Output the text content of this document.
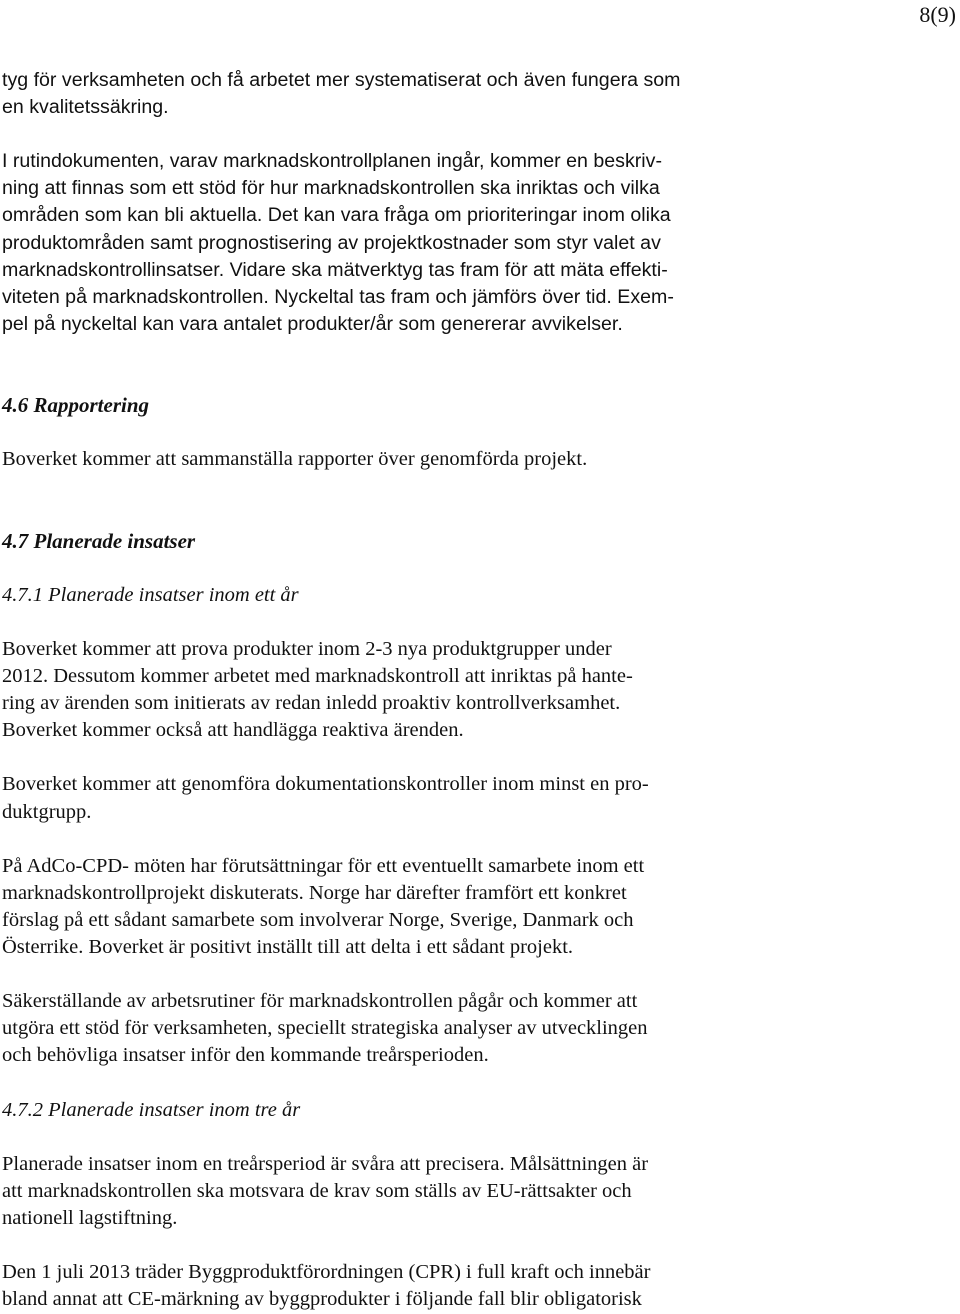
8(9)
tyg för verksamheten och få arbetet mer systematiserat och även fungera som
en kvalitetssäkring.
I rutindokumenten, varav marknadskontrollplanen ingår, kommer en beskriv-
ning att finnas som ett stöd för hur marknadskontrollen ska inriktas och vilka
områden som kan bli aktuella. Det kan vara fråga om prioriteringar inom olika
produktområden samt prognostisering av projektkostnader som styr valet av
marknadskontrollinsatser. Vidare ska mätverktyg tas fram för att mäta effekti-
viteten på marknadskontrollen. Nyckeltal tas fram och jämförs över tid. Exem-
pel på nyckeltal kan vara antalet produkter/år som genererar avvikelser.
4.6 Rapportering
Boverket kommer att sammanställa rapporter över genomförda projekt.
4.7 Planerade insatser
4.7.1 Planerade insatser inom ett år
Boverket kommer att prova produkter inom 2-3 nya produktgrupper under
2012. Dessutom kommer arbetet med marknadskontroll att inriktas på hante-
ring av ärenden som initierats av redan inledd proaktiv kontrollverksamhet.
Boverket kommer också att handlägga reaktiva ärenden.
Boverket kommer att genomföra dokumentationskontroller inom minst en pro-
duktgrupp.
På AdCo-CPD- möten har förutsättningar för ett eventuellt samarbete inom ett
marknadskontrollprojekt diskuterats. Norge har därefter framfört ett konkret
förslag på ett sådant samarbete som involverar Norge, Sverige, Danmark och
Österrike. Boverket är positivt inställt till att delta i ett sådant projekt.
Säkerställande av arbetsrutiner för marknadskontrollen pågår och kommer att
utgöra ett stöd för verksamheten, speciellt strategiska analyser av utvecklingen
och behövliga insatser inför den kommande treårsperioden.
4.7.2 Planerade insatser inom tre år
Planerade insatser inom en treårsperiod är svåra att precisera. Målsättningen är
att marknadskontrollen ska motsvara de krav som ställs av EU-rättsakter och
nationell lagstiftning.
Den 1 juli 2013 träder Byggproduktförordningen (CPR) i full kraft och innebär
bland annat att CE-märkning av byggprodukter i följande fall blir obligatorisk
